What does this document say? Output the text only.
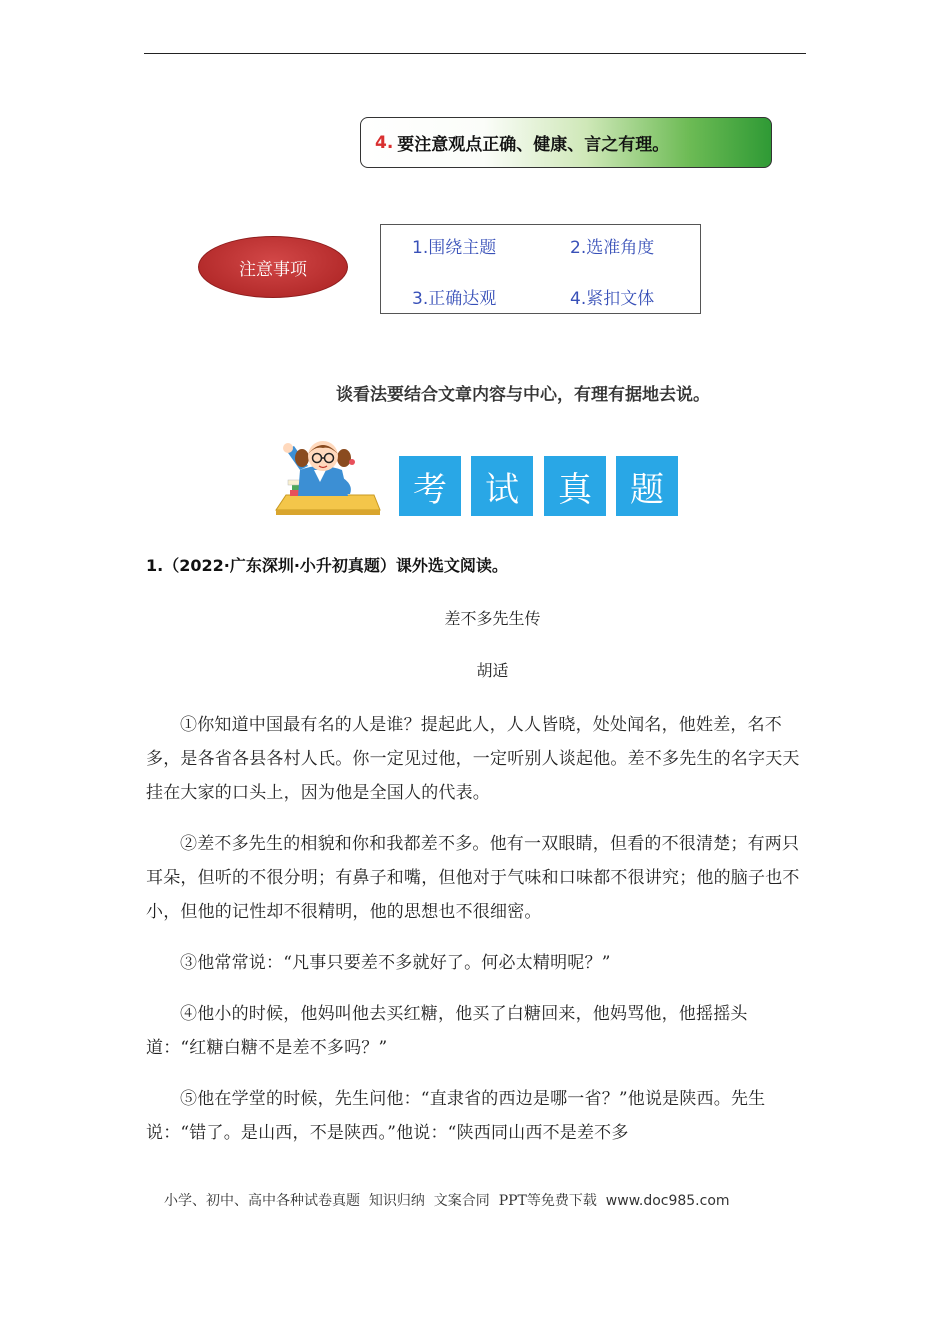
4. 要注意观点正确、健康、言之有理。
注意事项
1.围绕主题	2.选准角度
3.正确达观	4.紧扣文体
谈看法要结合文章内容与中心，有理有据地去说。
考	试	真	题
1.（2022·广东深圳·小升初真题）课外选文阅读。
差不多先生传
胡适

①你知道中国最有名的人是谁？提起此人，人人皆晓，处处闻名，他姓差，名不多，是各省各县各村人氏。你一定见过他，一定听别人谈起他。差不多先生的名字天天挂在大家的口头上，因为他是全国人的代表。

②差不多先生的相貌和你和我都差不多。他有一双眼睛，但看的不很清楚；有两只耳朵，但听的不很分明；有鼻子和嘴，但他对于气味和口味都不很讲究；他的脑子也不小，但他的记性却不很精明，他的思想也不很细密。

③他常常说：“凡事只要差不多就好了。何必太精明呢？”

④他小的时候，他妈叫他去买红糖，他买了白糖回来，他妈骂他，他摇摇头道：“红糖白糖不是差不多吗？”

⑤他在学堂的时候，先生问他：“直隶省的西边是哪一省？”他说是陕西。先生说：“错了。是山西，不是陕西。”他说：“陕西同山西不是差不多

小学、初中、高中各种试卷真题  知识归纳  文案合同  PPT等免费下载 www.doc985.com
